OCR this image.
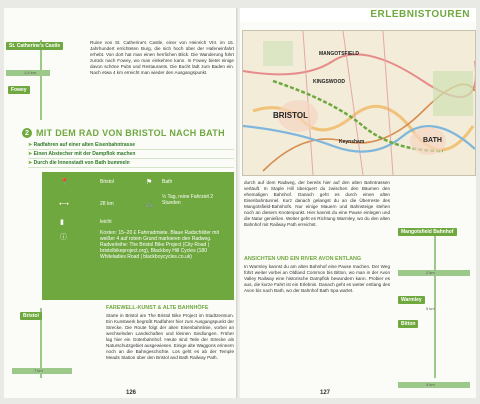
St. Catherine's Castle
1,4 km
Fowey
Ruine von St. Catherine's Castle, einer von Heinrich VIII. im 15. Jahrhundert errichteten Burg, die sich hoch über der Hafeneinfahrt erhebt. Von dort hat man einen herrlichen Blick. Die Wanderung führt zurück nach Fowey, wo man einkehren kann. In Fowey bietet einige davon schöne Pubs und Restaurants. Die Bucht lädt zum Baden ein. Nach etwa 4 km erreicht man wieder den Ausgangspunkt.
2 MIT DEM RAD VON BRISTOL NACH BATH
➤ Radfahren auf einer alten Eisenbahntrasse
➤ Einen Abstecher mit der Dampflok machen
➤ Durch die Innenstadt von Bath bummeln
📍	Bristol	⚑ Bath
⟷	28 km	🚲
½ Tag, reine Fahrzeit 2 Stunden
▮	leicht
ⓘ
Kosten: 15–20 £ Fahrradmiete. Blaue Radschilder mit weißer 4 auf rotem Grund markieren den Radweg. Radverleihe: The Bristol Bike Project (City Road | bristolbikeproject.org), Blackboy Hill Cycles (180 Whiteladies Road | blackboycycles.co.uk)
Bristol
7 km
FAREWELL-KUNST & ALTE BAHNHÖFE
Starte in Bristol am The Bristol Bike Project im Stadtzentrum. Ein Kunstwerk begrüßt Radfahrer hier zum Ausgangspunkt der Strecke. Die Route folgt der alten Eisenbahnlinie, vorbei an wechselnden Landschaften und kleinen Siedlungen. Früher lag hier ein Güterbahnhof. Heute sind Teile der Strecke als Naturschutzgebiet ausgewiesen. Einige alte Waggons erinnern noch an die Bahngeschichte. Los geht es ab der Temple Meads Station über den Bristol and Bath Railway Path.
126
ERLEBNISTOUREN
MANGOTSFIELD
KINGSWOOD
BRISTOL
Keynsham	BATH
durch auf dem Radweg, der bereits hier auf den alten Bahntrassen verläuft. In Staple Hill überquert du zwischen den Bäumen den ehemaligen Bahnhof. Danach geht es durch einen alten Eisenbahntunnel. Kurz danach gelangst du an die Überreste des Mangotsfield-Bahnhofs. Nur einige Mauern und Bahnsteige stehen noch an diesem Knotenpunkt. Hier kannst du eine Pause einlegen und die Natur genießen. Weiter geht es Richtung Warmley, wo du den alten Bahnhof mit Railway Path erreichst.
ANSICHTEN UND EIN RIVER AVON ENTLANG
In Warmley kannst du am alten Bahnhof eine Pause machen. Der Weg führt weiter vorbei an Oldland Common bis Bitton, wo man in der Avon Valley Railway eine historische Dampflok bewundern kann. Probier es aus, die kurze Fahrt ist ein Erlebnis. Danach geht es weiter entlang des Avon bis nach Bath, wo der Bahnhof Bath Spa wartet.
Mangotsfield Bahnhof
2 km
Warmley
5 km
Bitton
4 km
127
